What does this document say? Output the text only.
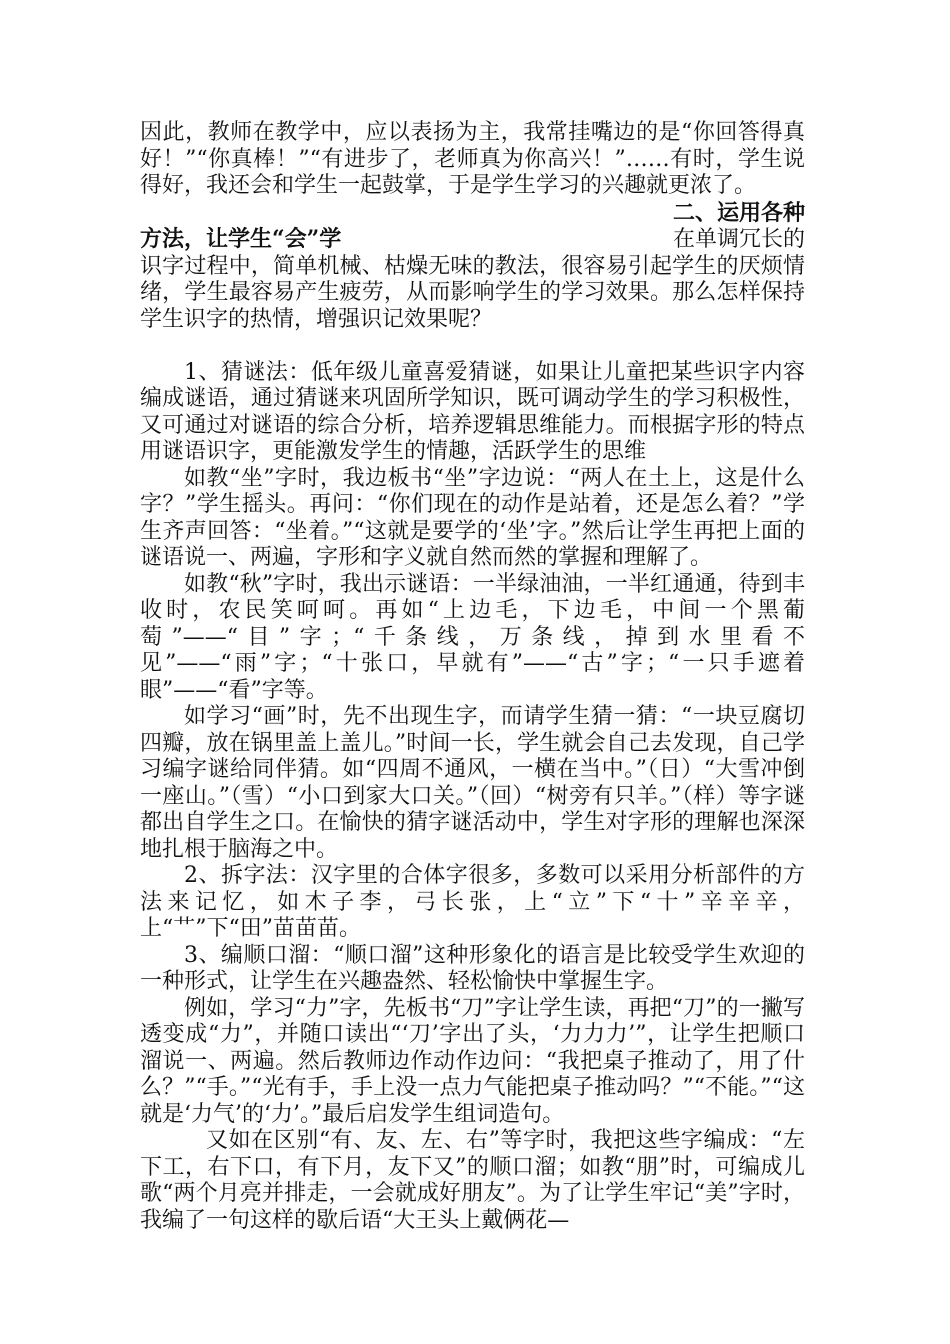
因此，教师在教学中，应以表扬为主，我常挂嘴边的是“你回答得真好！”“你真棒！”“有进步了，老师真为你高兴！”……有时，学生说得好，我还会和学生一起鼓掌，于是学生学习的兴趣就更浓了。

二、运用各种
方法，让学生“会”学	在单调冗长的

识字过程中，简单机械、枯燥无味的教法，很容易引起学生的厌烦情绪，学生最容易产生疲劳，从而影响学生的学习效果。那么怎样保持学生识字的热情，增强识记效果呢？

1、猜谜法：低年级儿童喜爱猜谜，如果让儿童把某些识字内容编成谜语，通过猜谜来巩固所学知识，既可调动学生的学习积极性，又可通过对谜语的综合分析，培养逻辑思维能力。而根据字形的特点用谜语识字，更能激发学生的情趣，活跃学生的思维

如教“坐”字时，我边板书“坐”字边说：“两人在土上，这是什么字？”学生摇头。再问：“你们现在的动作是站着，还是怎么着？”学生齐声回答：“坐着。”“这就是要学的‘坐’字。”然后让学生再把上面的谜语说一、两遍，字形和字义就自然而然的掌握和理解了。

如教“秋”字时，我出示谜语：一半绿油油，一半红通通，待到丰收时，农民笑呵呵。再如“上边毛，下边毛，中间一个黑葡萄”——“目”字；“千条线，万条线，掉到水里看不见”——“雨”字；“十张口，早就有”——“古”字；“一只手遮着眼”——“看”字等。

如学习“画”时，先不出现生字，而请学生猜一猜：“一块豆腐切四瓣，放在锅里盖上盖儿。”时间一长，学生就会自己去发现，自己学习编字谜给同伴猜。如“四周不通风，一横在当中。”（日）“大雪冲倒一座山。”（雪）“小口到家大口关。”（回）“树旁有只羊。”（样）等字谜都出自学生之口。在愉快的猜字谜活动中，学生对字形的理解也深深地扎根于脑海之中。

2、拆字法：汉字里的合体字很多，多数可以采用分析部件的方法来记忆，如木子李，弓长张，上“立”下“十”辛辛辛，上“艹”下“田”苗苗苗。

3、编顺口溜：“顺口溜”这种形象化的语言是比较受学生欢迎的一种形式，让学生在兴趣盎然、轻松愉快中掌握生字。

例如，学习“力”字，先板书“刀”字让学生读，再把“刀”的一撇写透变成“力”，并随口读出“‘刀’字出了头，‘力力力’”，让学生把顺口溜说一、两遍。然后教师边作动作边问：“我把桌子推动了，用了什么？”“手。”“光有手，手上没一点力气能把桌子推动吗？”“不能。”“这就是‘力气’的‘力’。”最后启发学生组词造句。

又如在区别“有、友、左、右”等字时，我把这些字编成：“左下工，右下口，有下月，友下又”的顺口溜；如教“朋”时，可编成儿歌“两个月亮并排走，一会就成好朋友”。为了让学生牢记“美”字时，我编了一句这样的歇后语“大王头上戴俩花—
